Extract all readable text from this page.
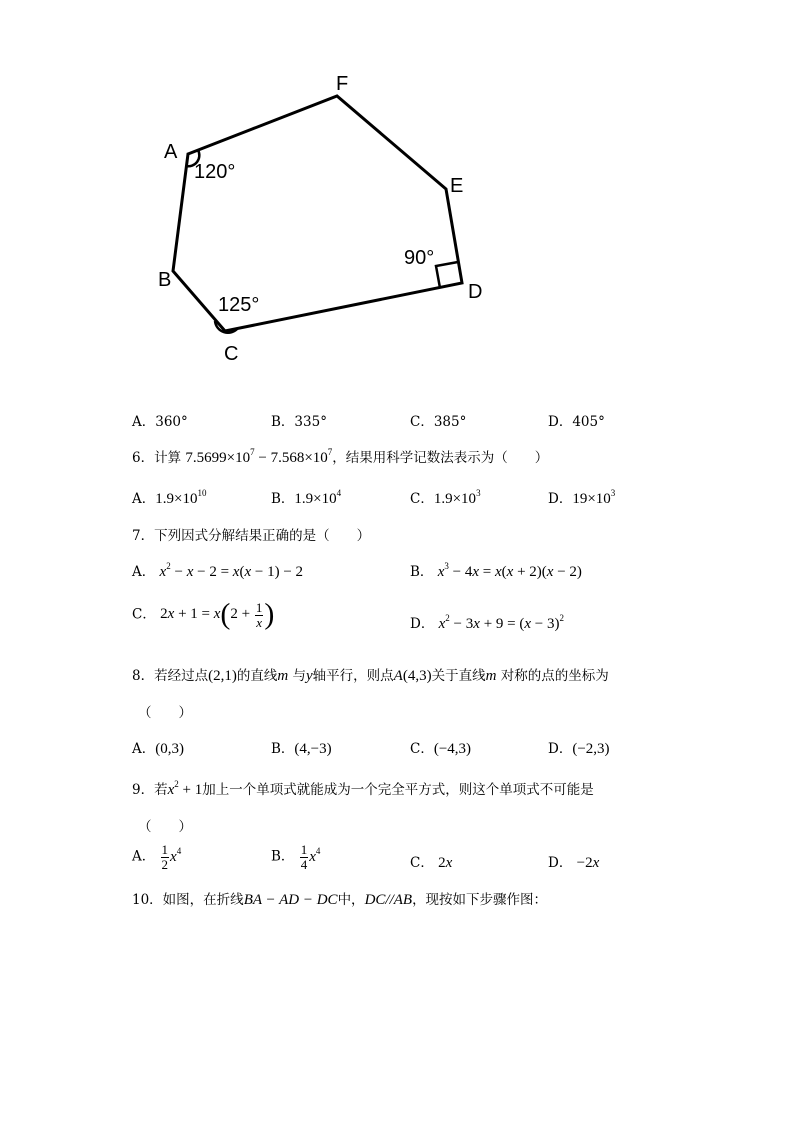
F
A
E
B
D
C
120°
90°
125°
A．360°	B．335°	C．385°	D．405°
6．计算 $7.5699\times 10^7 - 7.568\times 10^7$，结果用科学记数法表示为（　　）
A．$1.9\times 10^{10}$	B．$1.9\times 10^4$	C．$1.9\times 10^3$	D．$19\times 10^3$
7．下列因式分解结果正确的是（　　）
A． $x^2 - x - 2 = x(x - 1) - 2$	B． $x^3 - 4x = x(x + 2)(x - 2)$
C． $2x + 1 = x(2 + \frac{1}{x}$ )	D． $x^2 - 3x + 9 = (x - 3)^2$
8．若经过点(2,1)的直线m 与y轴平行，则点A(4,3)关于直线m 对称的点的坐标为
（　　）
A．(0,3)	B．(4,−3)	C．(−4,3)	D．(−2,3)
9．若$x^2 + 1$加上一个单项式就能成为一个完全平方式，则这个单项式不可能是
（　　）
A． $\frac{1}{2} x^4$	B． $\frac{1}{4} x^4$
C． 2x	D． −2x
10．如图，在折线BA − AD − DC中，DC//AB，现按如下步骤作图：
